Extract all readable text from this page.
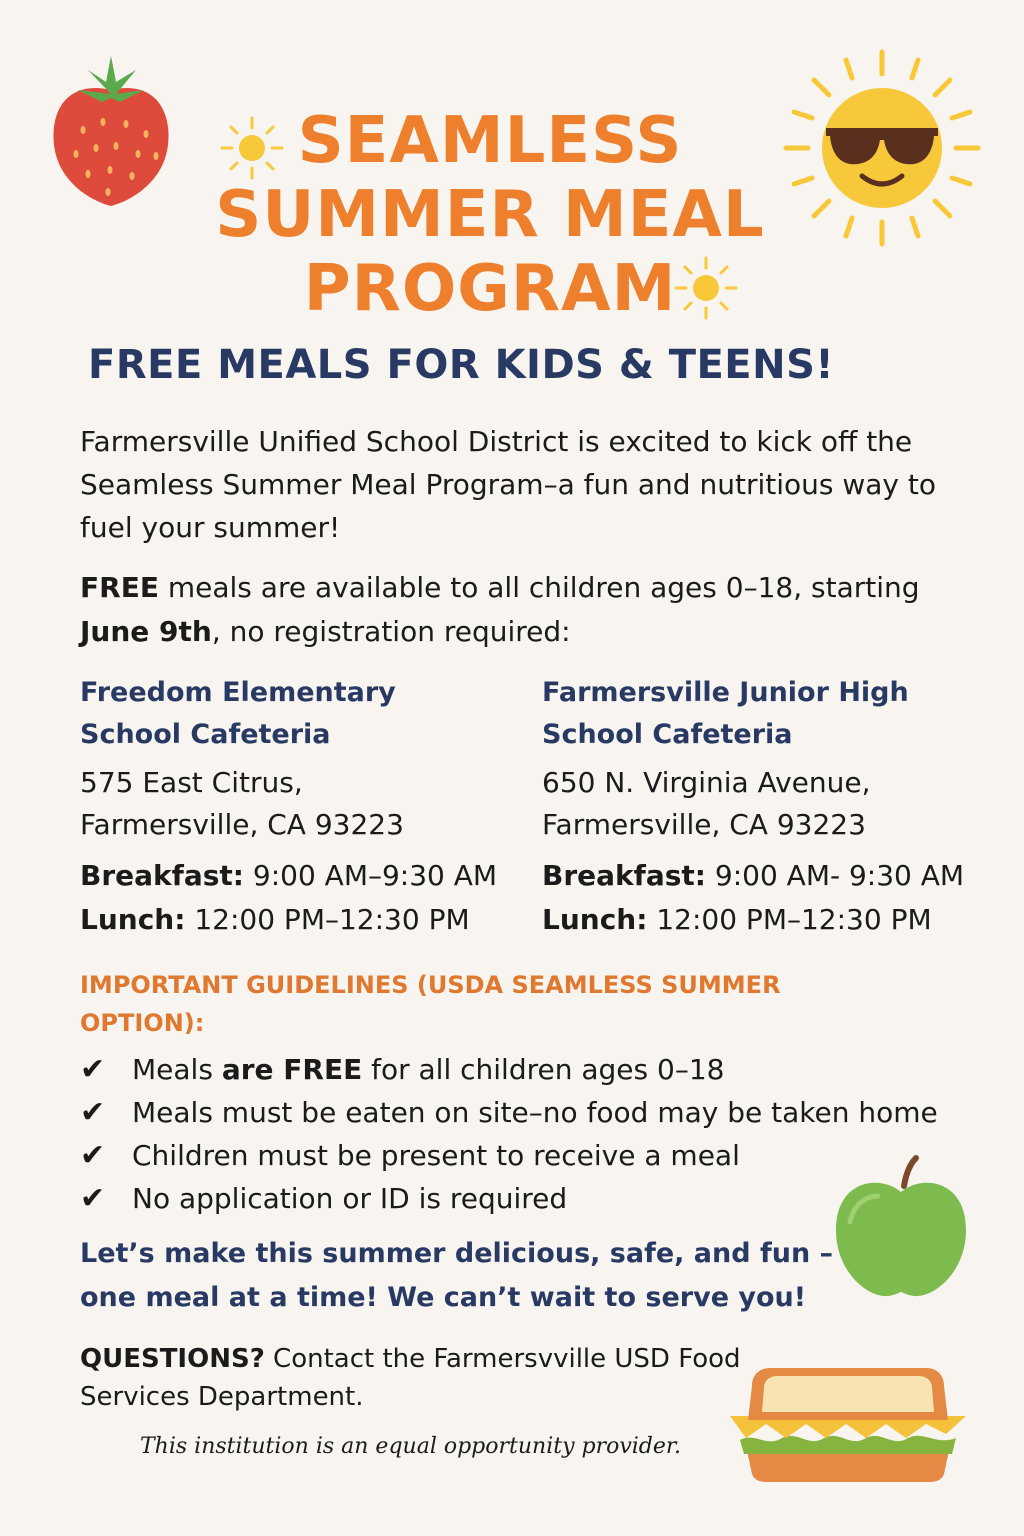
SEAMLESS
SUMMER MEAL
PROGRAM
FREE MEALS FOR KIDS & TEENS!
Farmersville Unified School District is excited to kick off the Seamless Summer Meal Program–a fun and nutritious way to fuel your summer!
FREE meals are available to all children ages 0–18, starting June 9th, no registration required:
Freedom Elementary
School Cafeteria
575 East Citrus,
Farmersville, CA 93223
Breakfast: 9:00 AM–9:30 AM
Lunch: 12:00 PM–12:30 PM
Farmersville Junior High
School Cafeteria
650 N. Virginia Avenue,
Farmersville, CA 93223
Breakfast: 9:00 AM- 9:30 AM
Lunch: 12:00 PM–12:30 PM
IMPORTANT GUIDELINES (USDA SEAMLESS SUMMER OPTION):
✔ Meals are FREE for all children ages 0–18
✔ Meals must be eaten on site–no food may be taken home
✔ Children must be present to receive a meal
✔ No application or ID is required
Let’s make this summer delicious, safe, and fun – one meal at a time! We can’t wait to serve you!
QUESTIONS? Contact the Farmersvville USD Food Services Department.
This institution is an equal opportunity provider.
